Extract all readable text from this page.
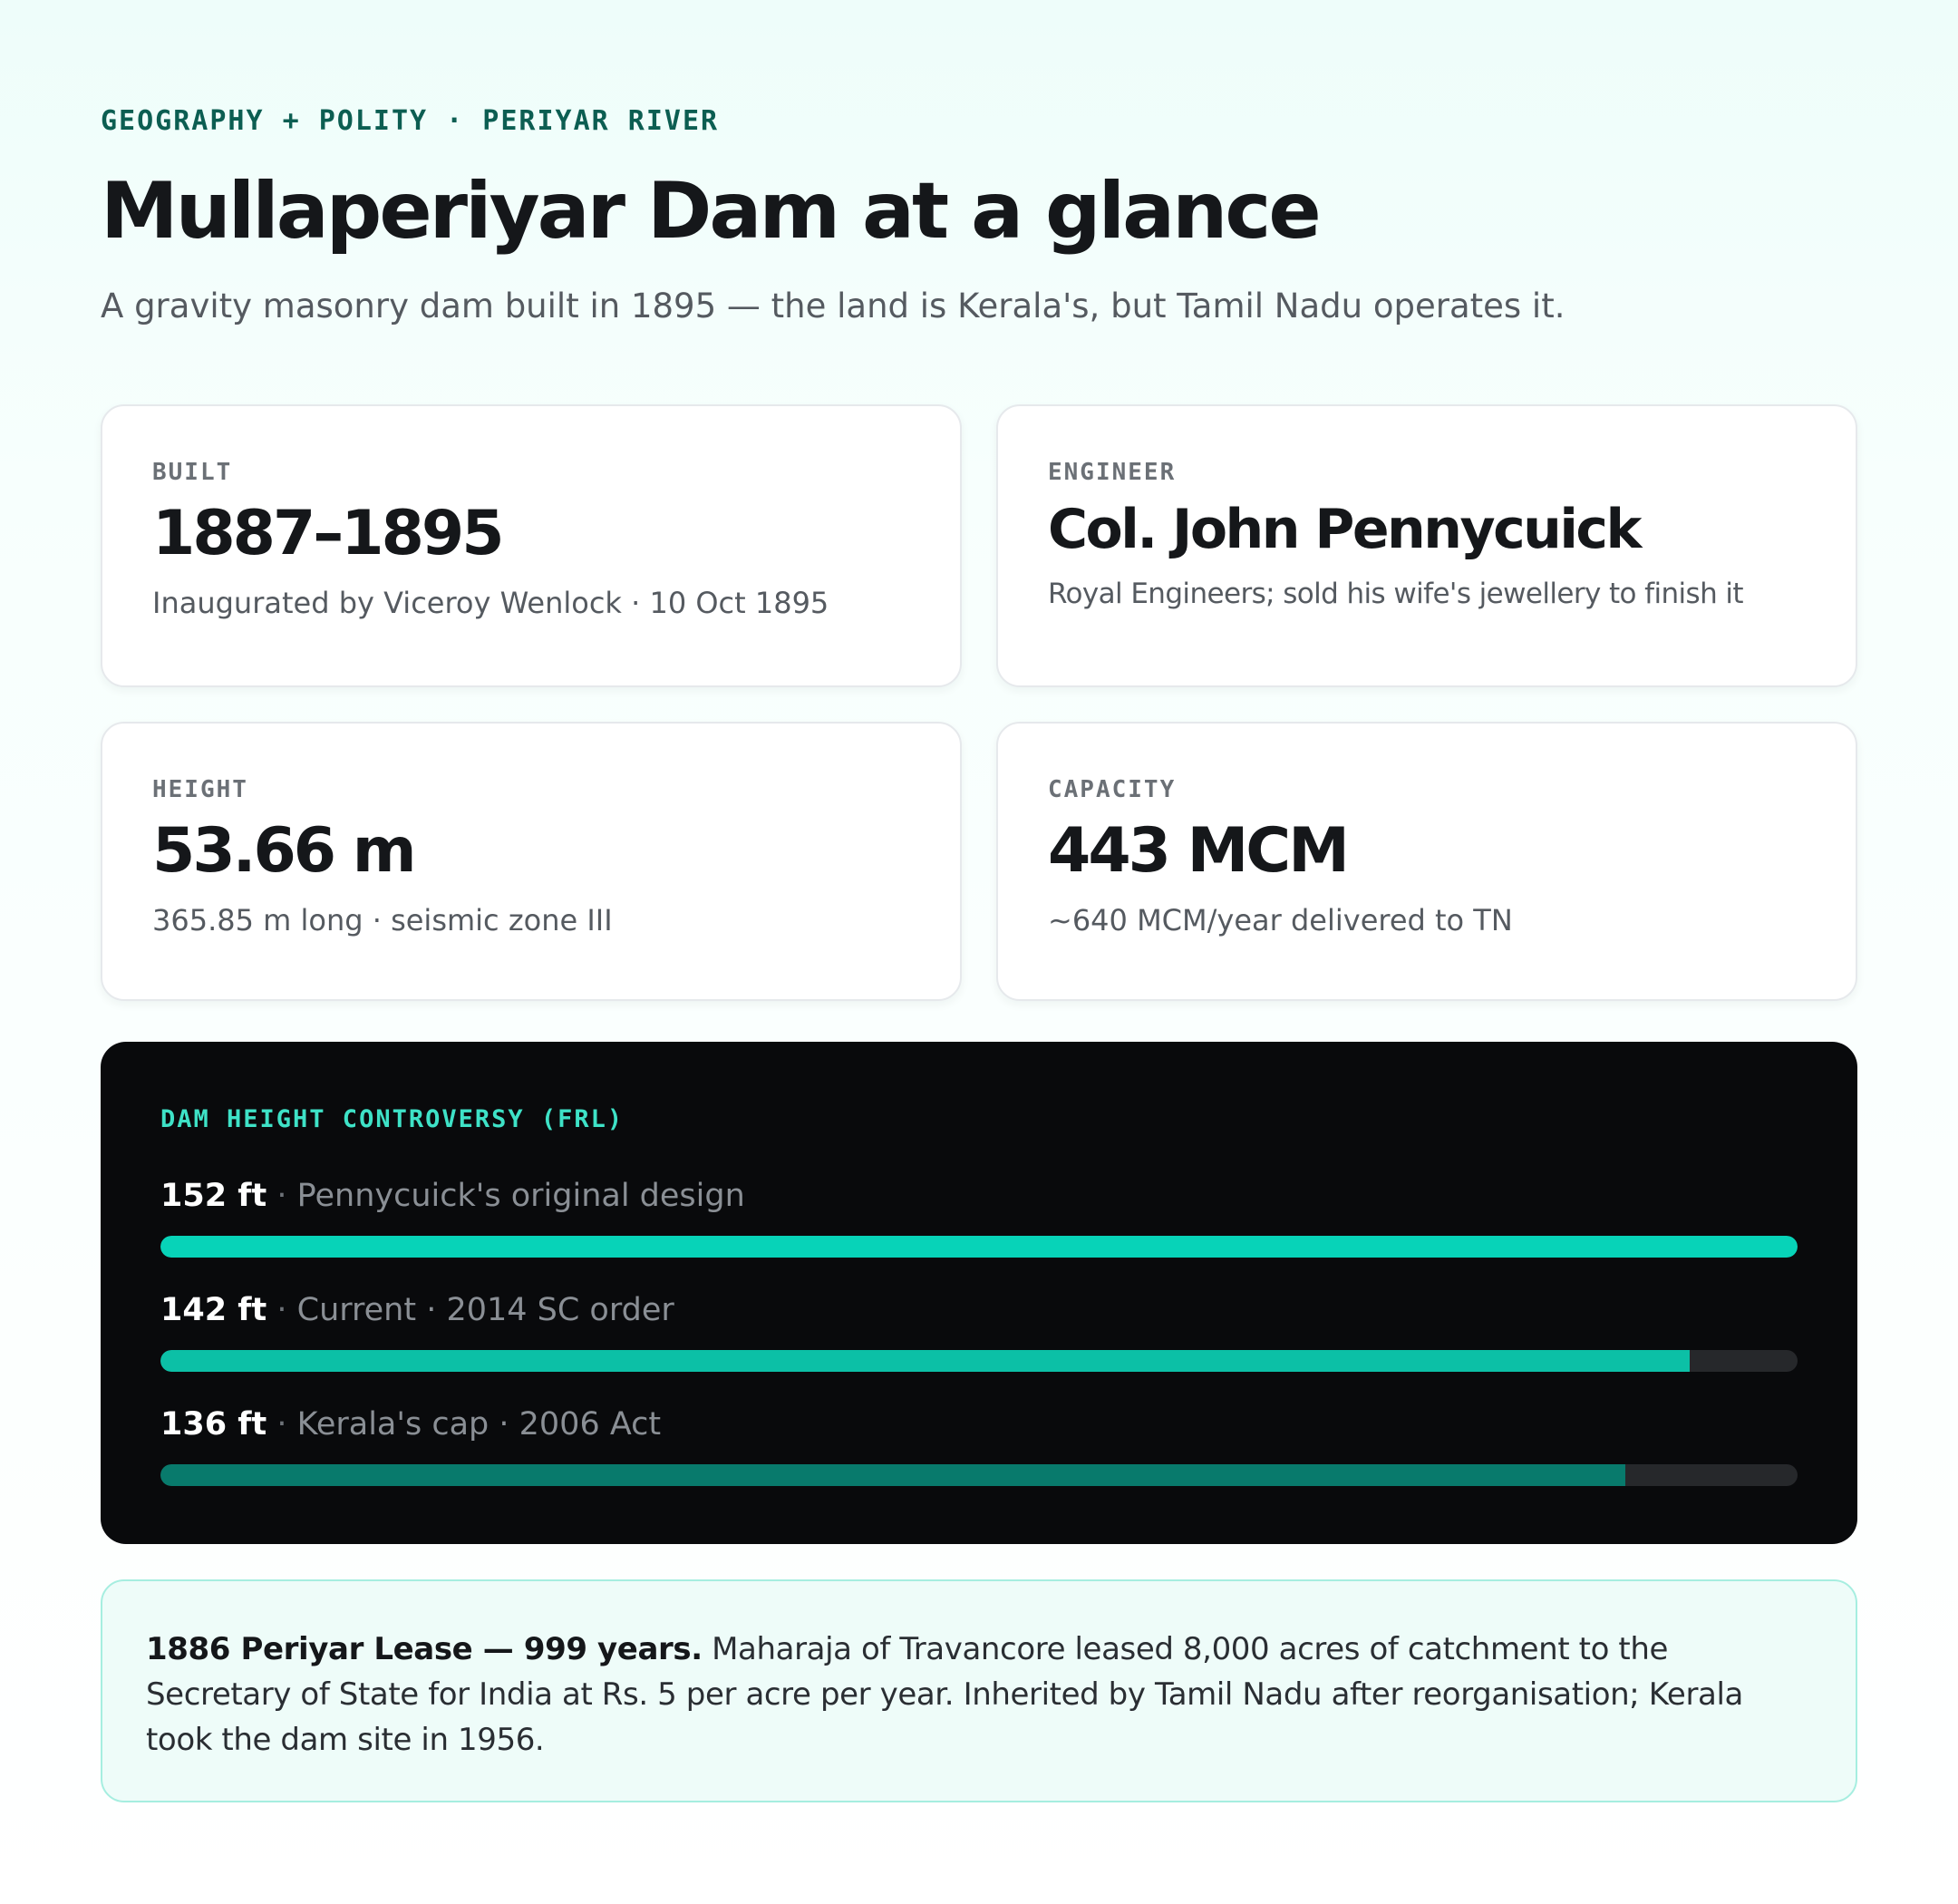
GEOGRAPHY + POLITY · PERIYAR RIVER
Mullaperiyar Dam at a glance
A gravity masonry dam built in 1895 — the land is Kerala's, but Tamil Nadu operates it.
BUILT
1887–1895
Inaugurated by Viceroy Wenlock · 10 Oct 1895
ENGINEER
Col. John Pennycuick
Royal Engineers; sold his wife's jewellery to finish it
HEIGHT
53.66 m
365.85 m long · seismic zone III
CAPACITY
443 MCM
~640 MCM/year delivered to TN
DAM HEIGHT CONTROVERSY (FRL)
152 ft · Pennycuick's original design
142 ft · Current · 2014 SC order
136 ft · Kerala's cap · 2006 Act
1886 Periyar Lease — 999 years. Maharaja of Travancore leased 8,000 acres of catchment to the Secretary of State for India at Rs. 5 per acre per year. Inherited by Tamil Nadu after reorganisation; Kerala took the dam site in 1956.
